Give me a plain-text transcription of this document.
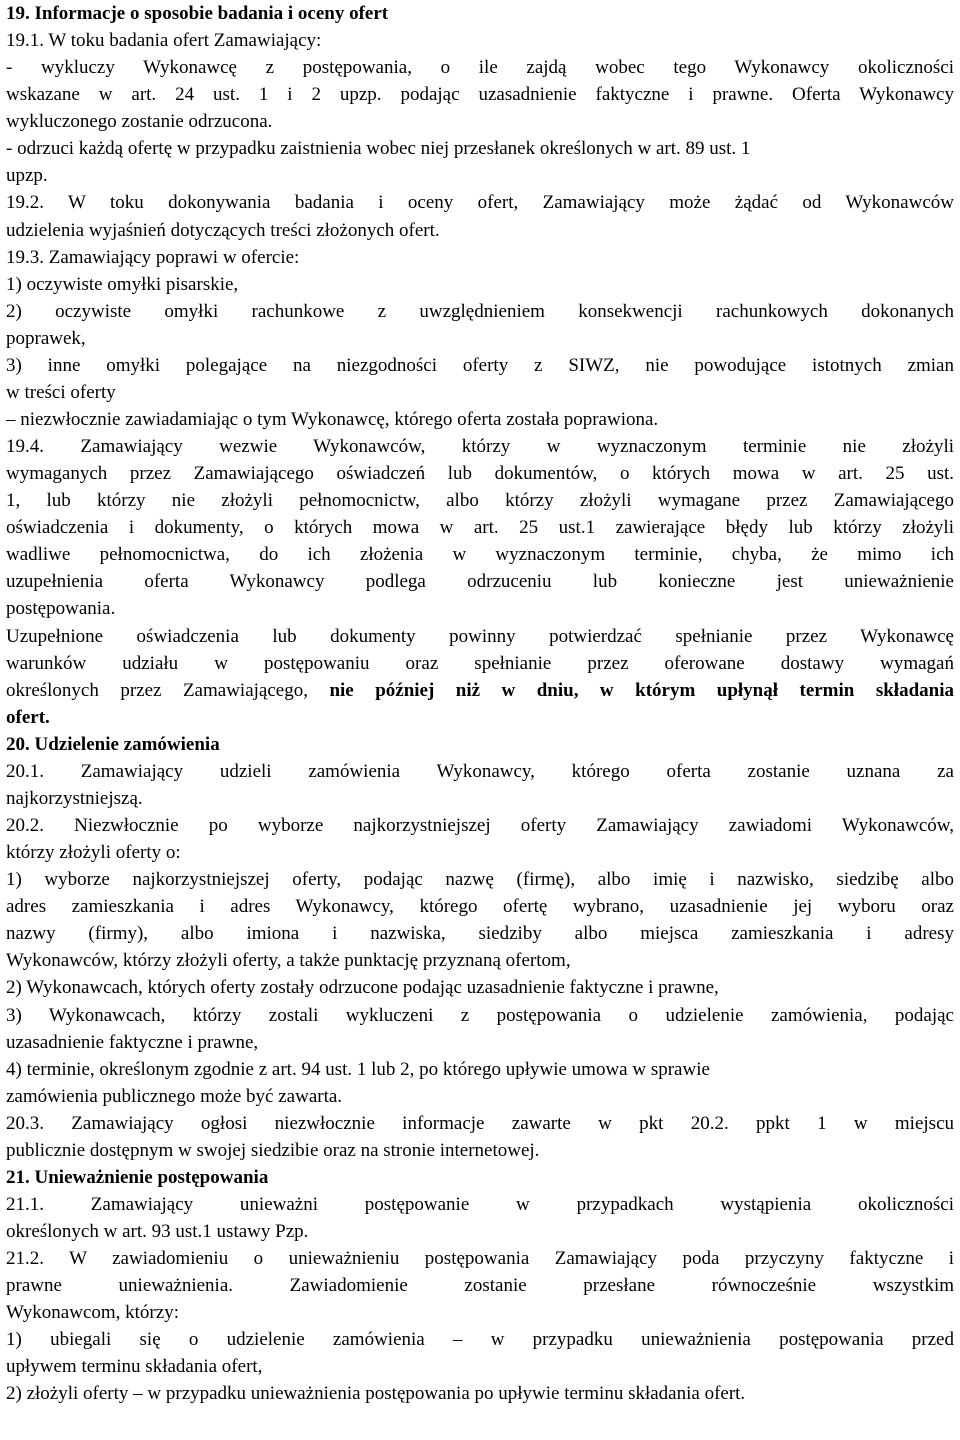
19. Informacje o sposobie badania i oceny ofert
19.1. W toku badania ofert Zamawiający:
- wykluczy Wykonawcę z postępowania, o ile zajdą wobec tego Wykonawcy okoliczności
wskazane w art. 24 ust. 1 i 2 upzp. podając uzasadnienie faktyczne i prawne. Oferta Wykonawcy
wykluczonego zostanie odrzucona.
- odrzuci każdą ofertę w przypadku zaistnienia wobec niej przesłanek określonych w art. 89 ust. 1
upzp.
19.2. W toku dokonywania badania i oceny ofert, Zamawiający może żądać od Wykonawców
udzielenia wyjaśnień dotyczących treści złożonych ofert.
19.3. Zamawiający poprawi w ofercie:
1) oczywiste omyłki pisarskie,
2) oczywiste omyłki rachunkowe z uwzględnieniem konsekwencji rachunkowych dokonanych
poprawek,
3) inne omyłki polegające na niezgodności oferty z SIWZ, nie powodujące istotnych zmian
w treści oferty
– niezwłocznie zawiadamiając o tym Wykonawcę, którego oferta została poprawiona.
19.4. Zamawiający wezwie Wykonawców, którzy w wyznaczonym terminie nie złożyli
wymaganych przez Zamawiającego oświadczeń lub dokumentów, o których mowa w art. 25 ust.
1, lub którzy nie złożyli pełnomocnictw, albo którzy złożyli wymagane przez Zamawiającego
oświadczenia i dokumenty, o których mowa w art. 25 ust.1 zawierające błędy lub którzy złożyli
wadliwe pełnomocnictwa, do ich złożenia w wyznaczonym terminie, chyba, że mimo ich
uzupełnienia oferta Wykonawcy podlega odrzuceniu lub konieczne jest unieważnienie
postępowania.
Uzupełnione oświadczenia lub dokumenty powinny potwierdzać spełnianie przez Wykonawcę
warunków udziału w postępowaniu oraz spełnianie przez oferowane dostawy wymagań
określonych przez Zamawiającego, nie później niż w dniu, w którym upłynął termin składania
ofert.
20. Udzielenie zamówienia
20.1. Zamawiający udzieli zamówienia Wykonawcy, którego oferta zostanie uznana za
najkorzystniejszą.
20.2. Niezwłocznie po wyborze najkorzystniejszej oferty Zamawiający zawiadomi Wykonawców,
którzy złożyli oferty o:
1) wyborze najkorzystniejszej oferty, podając nazwę (firmę), albo imię i nazwisko, siedzibę albo
adres zamieszkania i adres Wykonawcy, którego ofertę wybrano, uzasadnienie jej wyboru oraz
nazwy (firmy), albo imiona i nazwiska, siedziby albo miejsca zamieszkania i adresy
Wykonawców, którzy złożyli oferty, a także punktację przyznaną ofertom,
2) Wykonawcach, których oferty zostały odrzucone podając uzasadnienie faktyczne i prawne,
3) Wykonawcach, którzy zostali wykluczeni z postępowania o udzielenie zamówienia, podając
uzasadnienie faktyczne i prawne,
4) terminie, określonym zgodnie z art. 94 ust. 1 lub 2, po którego upływie umowa w sprawie
zamówienia publicznego może być zawarta.
20.3. Zamawiający ogłosi niezwłocznie informacje zawarte w pkt 20.2. ppkt 1 w miejscu
publicznie dostępnym w swojej siedzibie oraz na stronie internetowej.
21. Unieważnienie postępowania
21.1. Zamawiający unieważni postępowanie w przypadkach wystąpienia okoliczności
określonych w art. 93 ust.1 ustawy Pzp.
21.2. W zawiadomieniu o unieważnieniu postępowania Zamawiający poda przyczyny faktyczne i
prawne unieważnienia. Zawiadomienie zostanie przesłane równocześnie wszystkim
Wykonawcom, którzy:
1) ubiegali się o udzielenie zamówienia – w przypadku unieważnienia postępowania przed
upływem terminu składania ofert,
2) złożyli oferty – w przypadku unieważnienia postępowania po upływie terminu składania ofert.
